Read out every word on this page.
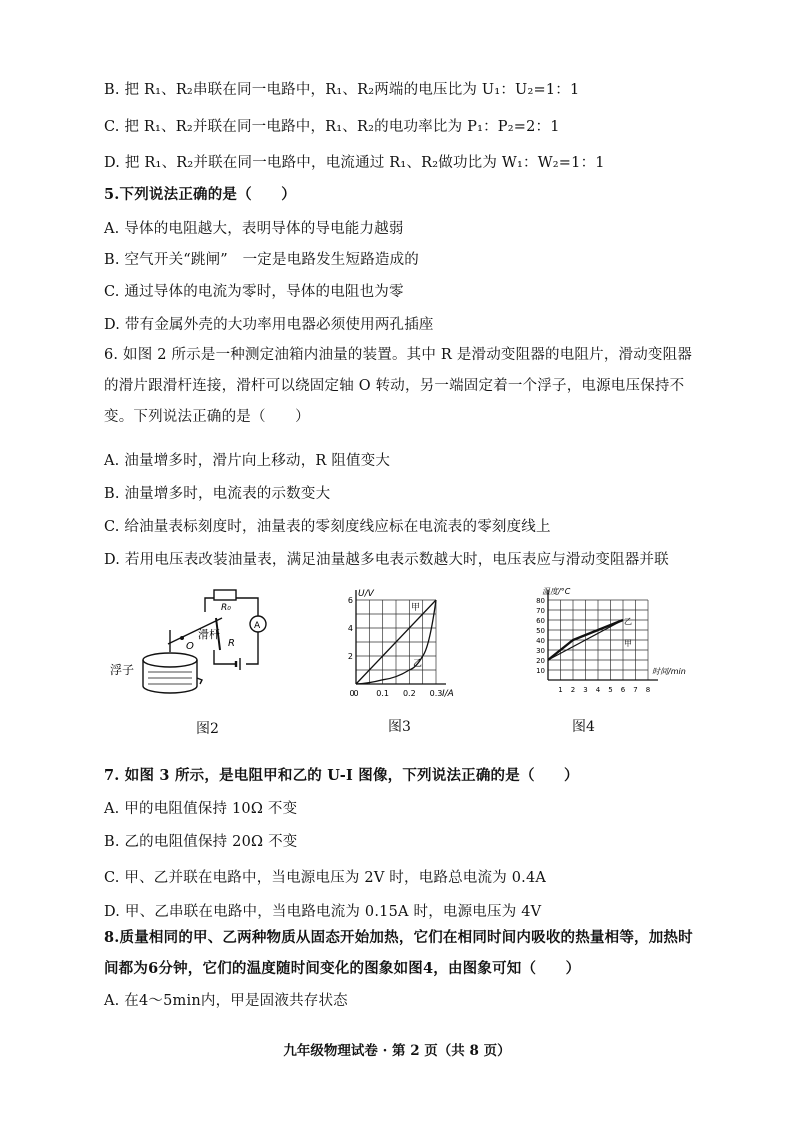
B. 把 R₁、R₂串联在同一电路中，R₁、R₂两端的电压比为 U₁：U₂=1：1
C. 把 R₁、R₂并联在同一电路中，R₁、R₂的电功率比为 P₁：P₂=2：1
D. 把 R₁、R₂并联在同一电路中，电流通过 R₁、R₂做功比为 W₁：W₂=1：1
5.下列说法正确的是（　　）
A. 导体的电阻越大，表明导体的导电能力越弱
B. 空气开关“跳闸”　一定是电路发生短路造成的
C. 通过导体的电流为零时，导体的电阻也为零
D. 带有金属外壳的大功率用电器必须使用两孔插座
6. 如图 2 所示是一种测定油箱内油量的装置。其中 R 是滑动变阻器的电阻片，滑动变阻器的滑片跟滑杆连接，滑杆可以绕固定轴 O 转动，另一端固定着一个浮子，电源电压保持不变。下列说法正确的是（　　）
A. 油量增多时，滑片向上移动，R 阻值变大
B. 油量增多时，电流表的示数变大
C. 给油量表标刻度时，油量表的零刻度线应标在电流表的零刻度线上
D. 若用电压表改装油量表，满足油量越多电表示数越大时，电压表应与滑动变阻器并联
R₀
A
滑杆
R
O
浮子
图2
0 0.1 0.2 0.3
2
4
6
I/A
U/V
甲
乙
0
图3
1 2 3 4 5 6 7 8
10
20
30
40
50
60
70
80
时间/min
温度/°C
乙
甲
图4
7. 如图 3 所示，是电阻甲和乙的 U-I 图像，下列说法正确的是（　　）
A. 甲的电阻值保持 10Ω 不变
B. 乙的电阻值保持 20Ω 不变
C. 甲、乙并联在电路中，当电源电压为 2V 时，电路总电流为 0.4A
D. 甲、乙串联在电路中，当电路电流为 0.15A 时，电源电压为 4V
8.质量相同的甲、乙两种物质从固态开始加热，它们在相同时间内吸收的热量相等，加热时间都为6分钟，它们的温度随时间变化的图象如图4，由图象可知（　　）
A. 在4～5min内，甲是固液共存状态
九年级物理试卷 · 第 2 页（共 8 页）
